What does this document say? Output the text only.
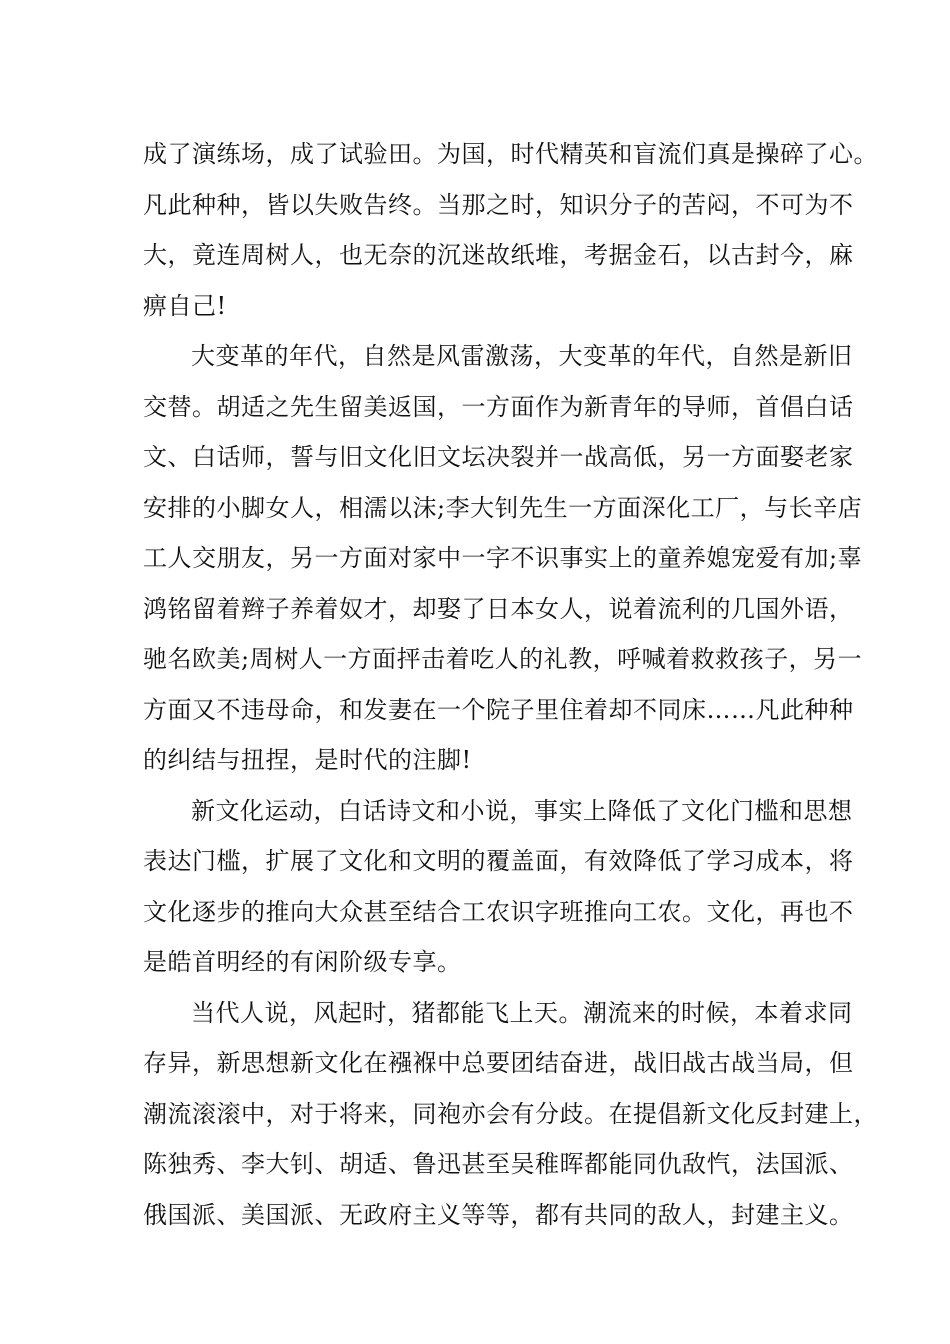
成了演练场，成了试验田。为国，时代精英和盲流们真是操碎了心。
凡此种种，皆以失败告终。当那之时，知识分子的苦闷，不可为不
大，竟连周树人，也无奈的沉迷故纸堆，考据金石，以古封今，麻
痹自己!
大变革的年代，自然是风雷激荡，大变革的年代，自然是新旧
交替。胡适之先生留美返国，一方面作为新青年的导师，首倡白话
文、白话师，誓与旧文化旧文坛决裂并一战高低，另一方面娶老家
安排的小脚女人，相濡以沫;李大钊先生一方面深化工厂，与长辛店
工人交朋友，另一方面对家中一字不识事实上的童养媳宠爱有加;辜
鸿铭留着辫子养着奴才，却娶了日本女人，说着流利的几国外语，
驰名欧美;周树人一方面抨击着吃人的礼教，呼喊着救救孩子，另一
方面又不违母命，和发妻在一个院子里住着却不同床……凡此种种
的纠结与扭捏，是时代的注脚!
新文化运动，白话诗文和小说，事实上降低了文化门槛和思想
表达门槛，扩展了文化和文明的覆盖面，有效降低了学习成本，将
文化逐步的推向大众甚至结合工农识字班推向工农。文化，再也不
是皓首明经的有闲阶级专享。
当代人说，风起时，猪都能飞上天。潮流来的时候，本着求同
存异，新思想新文化在襁褓中总要团结奋进，战旧战古战当局，但
潮流滚滚中，对于将来，同袍亦会有分歧。在提倡新文化反封建上，
陈独秀、李大钊、胡适、鲁迅甚至吴稚晖都能同仇敌忾，法国派、
俄国派、美国派、无政府主义等等，都有共同的敌人，封建主义。
